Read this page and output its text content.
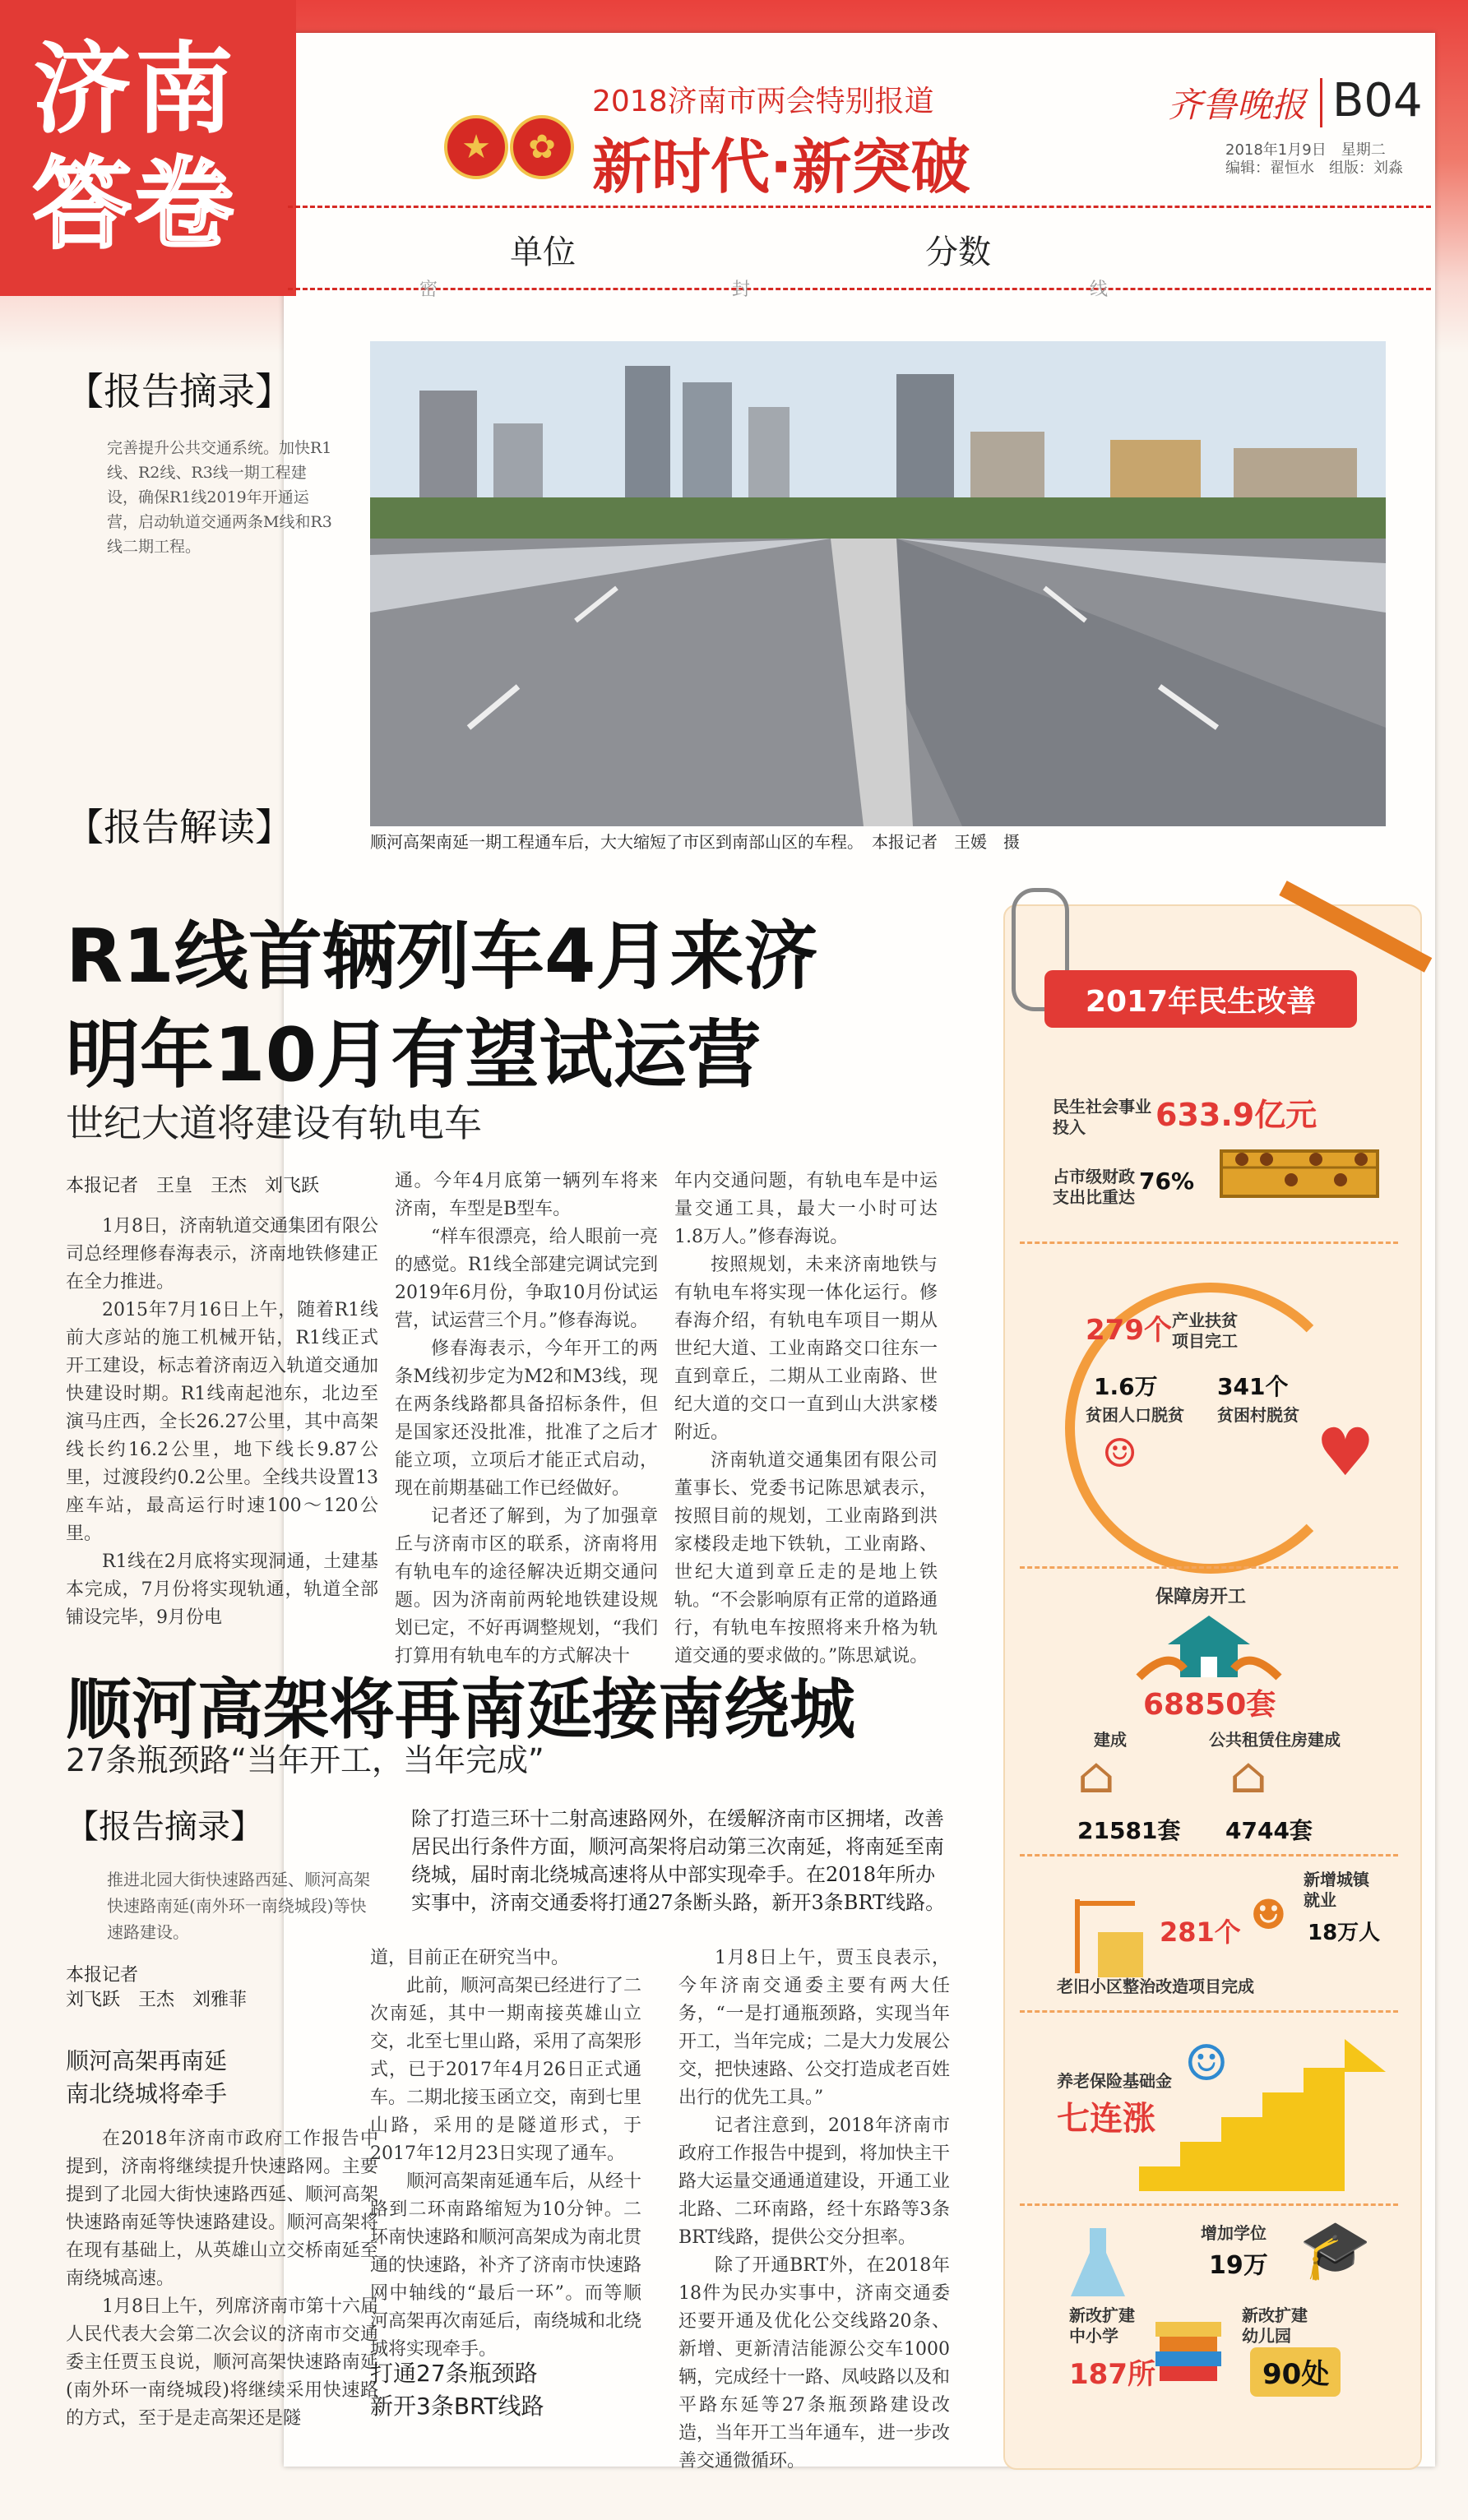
济南
答卷
★	✿
2018济南市两会特别报道
新时代·新突破
齐鲁晚报 B04
2018年1月9日　星期二
编辑：翟恒水　组版：刘淼
单位	分数
密	封	线
【报告摘录】
完善提升公共交通系统。加快R1线、R2线、R3线一期工程建设，确保R1线2019年开通运营，启动轨道交通两条M线和R3线二期工程。
顺河高架南延一期工程通车后，大大缩短了市区到南部山区的车程。　本报记者　王媛　摄
【报告解读】
R1线首辆列车4月来济
明年10月有望试运营
世纪大道将建设有轨电车
本报记者　王皇　王杰　刘飞跃

1月8日，济南轨道交通集团有限公司总经理修春海表示，济南地铁修建正在全力推进。

2015年7月16日上午，随着R1线前大彦站的施工机械开钻，R1线正式开工建设，标志着济南迈入轨道交通加快建设时期。R1线南起池东，北边至演马庄西，全长26.27公里，其中高架线长约16.2公里，地下线长9.87公里，过渡段约0.2公里。全线共设置13座车站，最高运行时速100～120公里。

R1线在2月底将实现洞通，土建基本完成，7月份将实现轨通，轨道全部铺设完毕，9月份电

通。今年4月底第一辆列车将来济南，车型是B型车。

“样车很漂亮，给人眼前一亮的感觉。R1线全部建完调试完到2019年6月份，争取10月份试运营，试运营三个月。”修春海说。

修春海表示，今年开工的两条M线初步定为M2和M3线，现在两条线路都具备招标条件，但是国家还没批准，批准了之后才能立项，立项后才能正式启动，现在前期基础工作已经做好。

记者还了解到，为了加强章丘与济南市区的联系，济南将用有轨电车的途径解决近期交通问题。因为济南前两轮地铁建设规划已定，不好再调整规划，“我们打算用有轨电车的方式解决十

年内交通问题，有轨电车是中运量交通工具，最大一小时可达1.8万人。”修春海说。

按照规划，未来济南地铁与有轨电车将实现一体化运行。修春海介绍，有轨电车项目一期从世纪大道、工业南路交口往东一直到章丘，二期从工业南路、世纪大道的交口一直到山大洪家楼附近。

济南轨道交通集团有限公司董事长、党委书记陈思斌表示，按照目前的规划，工业南路到洪家楼段走地下铁轨，工业南路、世纪大道到章丘走的是地上铁轨。“不会影响原有正常的道路通行，有轨电车按照将来升格为轨道交通的要求做的。”陈思斌说。

顺河高架将再南延接南绕城
27条瓶颈路“当年开工，当年完成”
【报告摘录】
推进北园大街快速路西延、顺河高架快速路南延(南外环一南绕城段)等快速路建设。
本报记者
刘飞跃　王杰　刘雅菲
顺河高架再南延
南北绕城将牵手
除了打造三环十二射高速路网外，在缓解济南市区拥堵，改善居民出行条件方面，顺河高架将启动第三次南延，将南延至南绕城，届时南北绕城高速将从中部实现牵手。在2018年所办实事中，济南交通委将打通27条断头路，新开3条BRT线路。

在2018年济南市政府工作报告中提到，济南将继续提升快速路网。主要提到了北园大街快速路西延、顺河高架快速路南延等快速路建设。顺河高架将在现有基础上，从英雄山立交桥南延至南绕城高速。

1月8日上午，列席济南市第十六届人民代表大会第二次会议的济南市交通委主任贾玉良说，顺河高架快速路南延(南外环一南绕城段)将继续采用快速路的方式，至于是走高架还是隧

道，目前正在研究当中。

此前，顺河高架已经进行了二次南延，其中一期南接英雄山立交，北至七里山路，采用了高架形式，已于2017年4月26日正式通车。二期北接玉函立交，南到七里山路，采用的是隧道形式，于2017年12月23日实现了通车。

顺河高架南延通车后，从经十路到二环南路缩短为10分钟。二环南快速路和顺河高架成为南北贯通的快速路，补齐了济南市快速路网中轴线的“最后一环”。而等顺河高架再次南延后，南绕城和北绕城将实现牵手。

1月8日上午，贾玉良表示，今年济南交通委主要有两大任务，“一是打通瓶颈路，实现当年开工，当年完成；二是大力发展公交，把快速路、公交打造成老百姓出行的优先工具。”

记者注意到，2018年济南市政府工作报告中提到，将加快主干路大运量交通通道建设，开通工业北路、二环南路，经十东路等3条BRT线路，提供公交分担率。

除了开通BRT外，在2018年18件为民办实事中，济南交通委还要开通及优化公交线路20条、新增、更新清洁能源公交车1000辆，完成经十一路、凤岐路以及和平路东延等27条瓶颈路建设改造，当年开工当年通车，进一步改善交通微循环。

打通27条瓶颈路
新开3条BRT线路
2017年民生改善
民生社会事业
投入 633.9亿元
占市级财政
支出比重达
76%
279个 产业扶贫
项目完工
1.6万
贫困人口脱贫
341个
贫困村脱贫 ♥
☺
保障房开工
68850套
建成	公共租赁住房建成
⌂ ⌂
21581套 4744套
新增城镇
就业
18万人
281个 ☻
老旧小区整治改造项目完成
养老保险基础金
七连涨
☺
增加学位
19万 🎓
新改扩建
中小学
187所
新改扩建
幼儿园
90处
